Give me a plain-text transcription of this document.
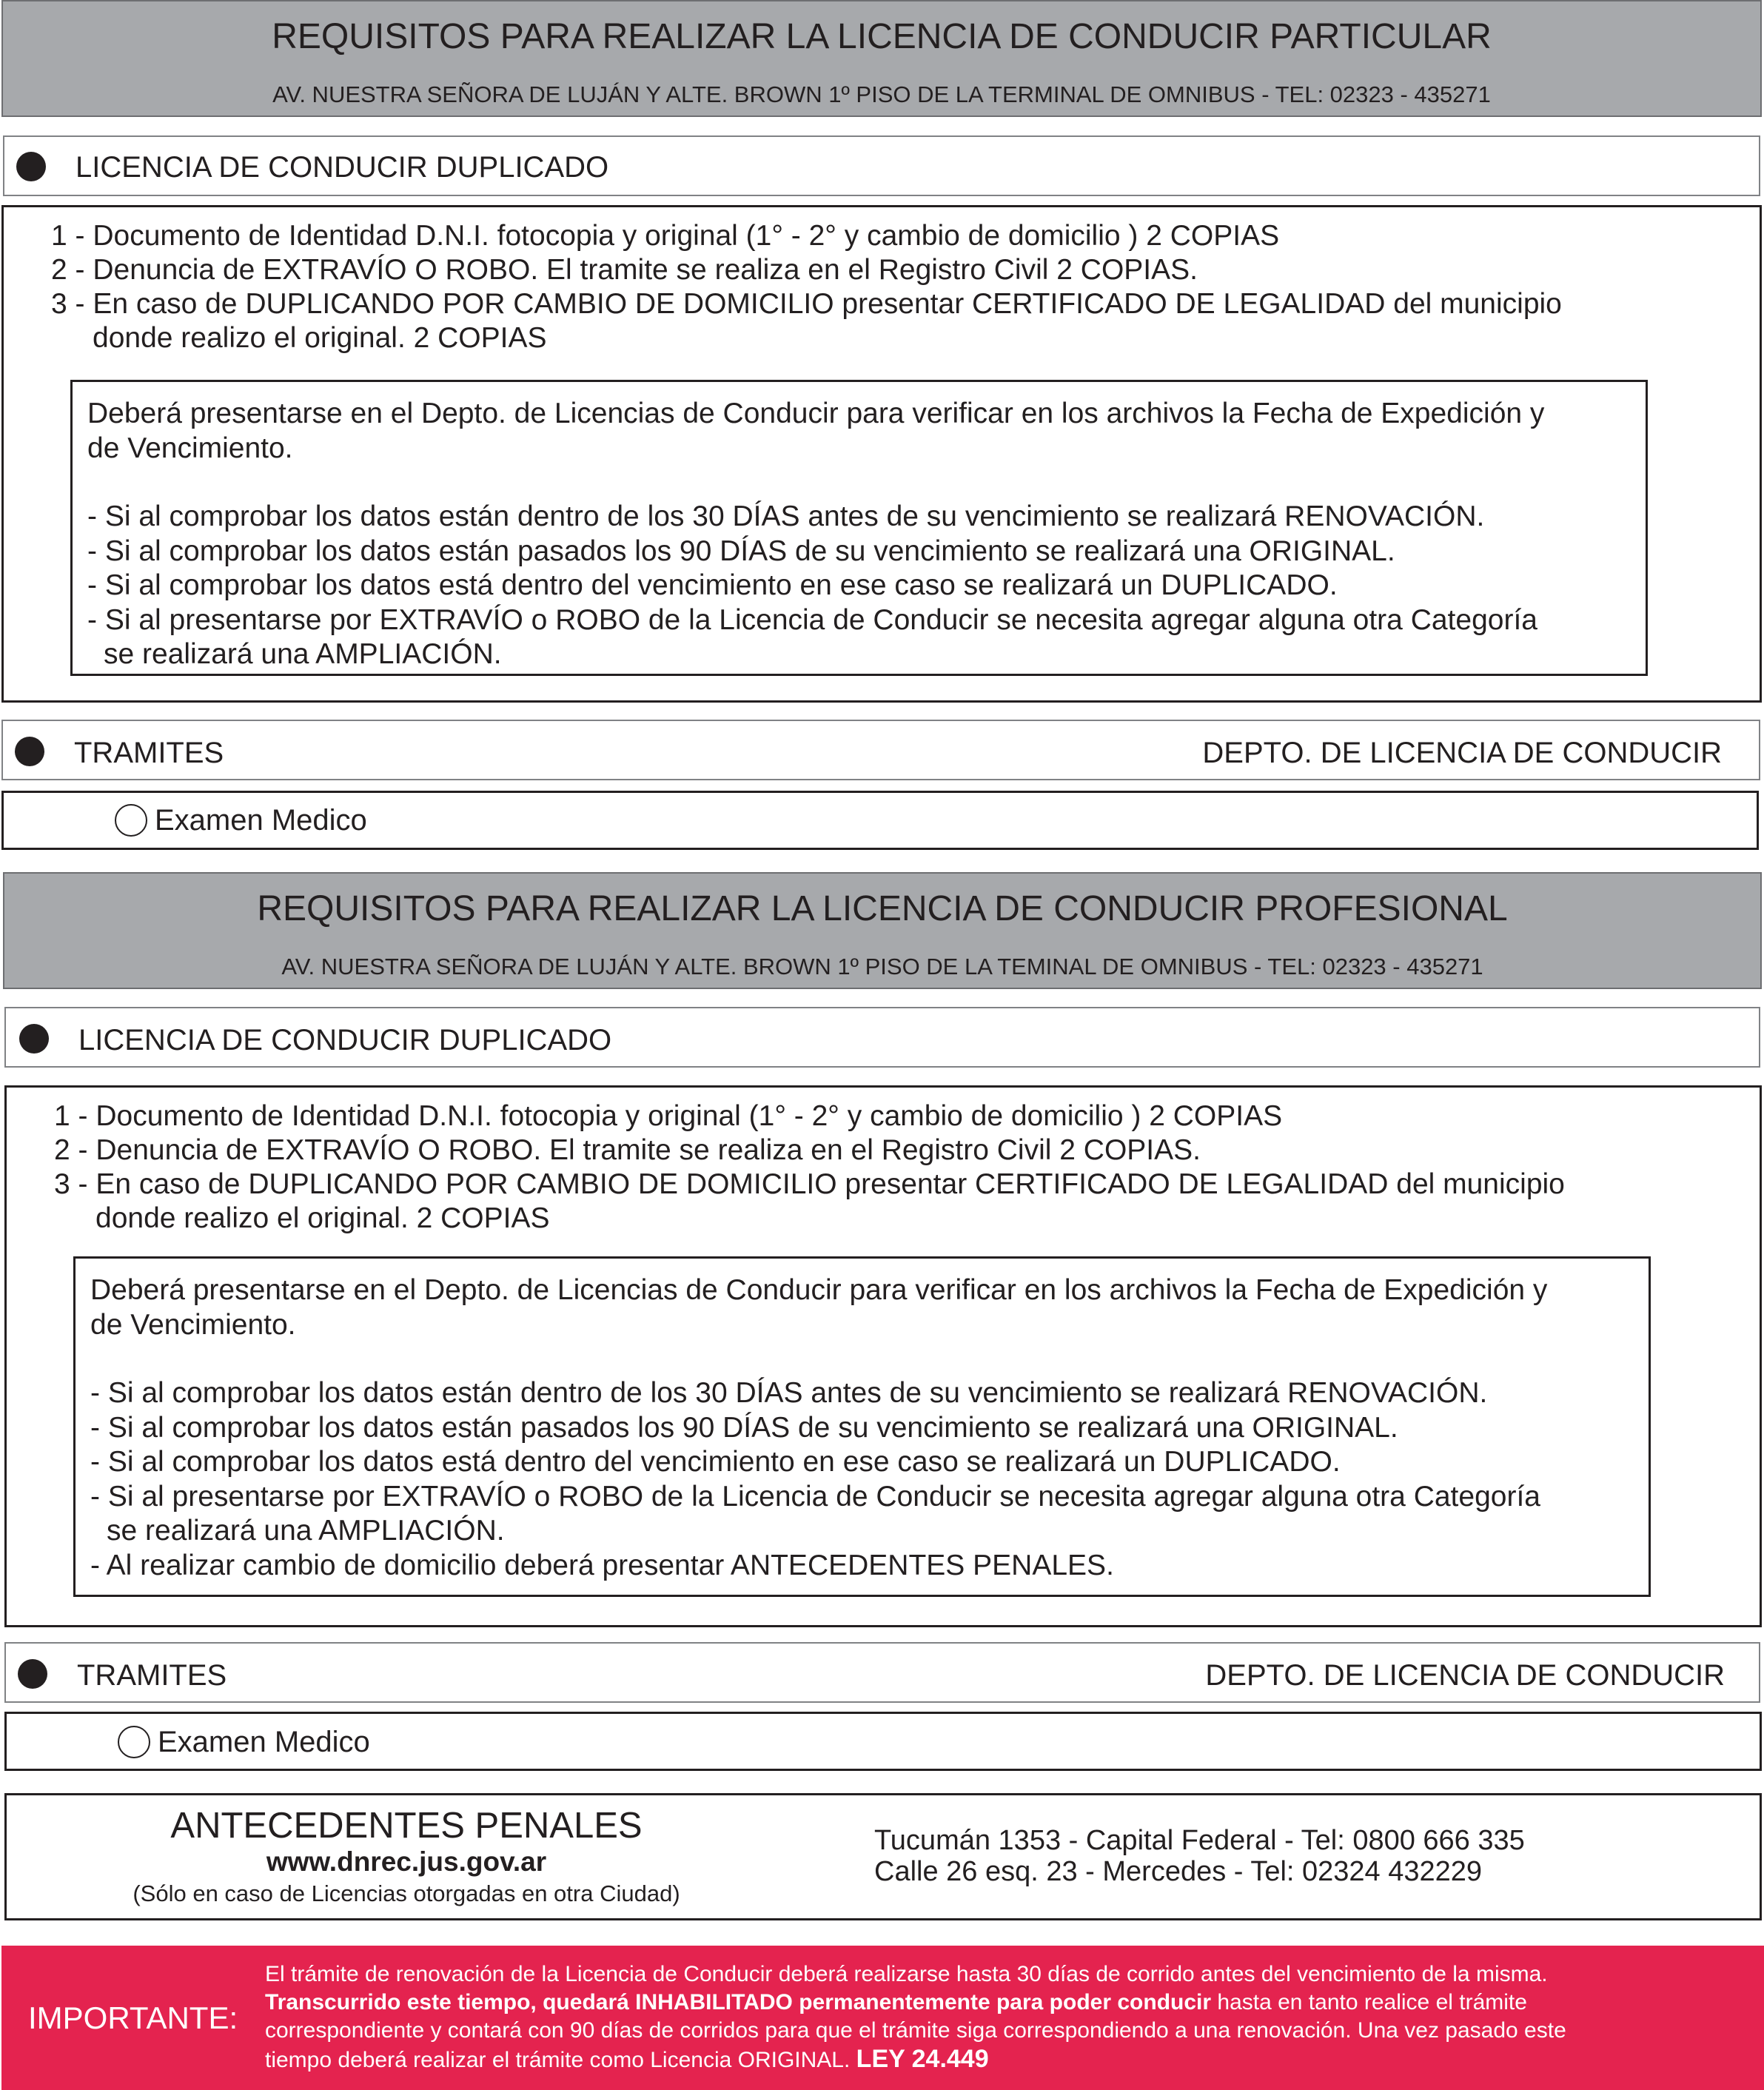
REQUISITOS PARA REALIZAR LA LICENCIA DE CONDUCIR PARTICULAR
AV. NUESTRA SEÑORA DE LUJÁN Y ALTE. BROWN 1º PISO DE LA TERMINAL DE OMNIBUS - TEL: 02323 - 435271
LICENCIA DE CONDUCIR DUPLICADO
1 - Documento de Identidad D.N.I. fotocopia y original (1° - 2° y cambio de domicilio ) 2 COPIAS
2 - Denuncia de EXTRAVÍO O ROBO. El tramite se realiza en el Registro Civil 2 COPIAS.
3 - En caso de DUPLICANDO POR CAMBIO DE DOMICILIO presentar CERTIFICADO DE LEGALIDAD del municipio
donde realizo el original. 2 COPIAS
Deberá presentarse en el Depto. de Licencias de Conducir para verificar en los archivos la Fecha de Expedición y
de Vencimiento.
- Si al comprobar los datos están dentro de los 30 DÍAS antes de su vencimiento se realizará RENOVACIÓN.
- Si al comprobar los datos están pasados los 90 DÍAS de su vencimiento se realizará una ORIGINAL.
- Si al comprobar los datos está dentro del vencimiento en ese caso se realizará un DUPLICADO.
- Si al presentarse por EXTRAVÍO o ROBO de la Licencia de Conducir se necesita agregar alguna otra Categoría
se realizará una AMPLIACIÓN.
TRAMITES	DEPTO. DE LICENCIA DE CONDUCIR
Examen Medico
REQUISITOS PARA REALIZAR LA LICENCIA DE CONDUCIR PROFESIONAL
AV. NUESTRA SEÑORA DE LUJÁN Y ALTE. BROWN 1º PISO DE LA TEMINAL DE OMNIBUS - TEL: 02323 - 435271
LICENCIA DE CONDUCIR DUPLICADO
1 - Documento de Identidad D.N.I. fotocopia y original (1° - 2° y cambio de domicilio ) 2 COPIAS
2 - Denuncia de EXTRAVÍO O ROBO. El tramite se realiza en el Registro Civil 2 COPIAS.
3 - En caso de DUPLICANDO POR CAMBIO DE DOMICILIO presentar CERTIFICADO DE LEGALIDAD del municipio
donde realizo el original. 2 COPIAS
Deberá presentarse en el Depto. de Licencias de Conducir para verificar en los archivos la Fecha de Expedición y
de Vencimiento.
- Si al comprobar los datos están dentro de los 30 DÍAS antes de su vencimiento se realizará RENOVACIÓN.
- Si al comprobar los datos están pasados los 90 DÍAS de su vencimiento se realizará una ORIGINAL.
- Si al comprobar los datos está dentro del vencimiento en ese caso se realizará un DUPLICADO.
- Si al presentarse por EXTRAVÍO o ROBO de la Licencia de Conducir se necesita agregar alguna otra Categoría
se realizará una AMPLIACIÓN.
- Al realizar cambio de domicilio deberá presentar ANTECEDENTES PENALES.
TRAMITES	DEPTO. DE LICENCIA DE CONDUCIR
Examen Medico
ANTECEDENTES PENALES
www.dnrec.jus.gov.ar
(Sólo en caso de Licencias otorgadas en otra Ciudad)
Tucumán 1353 - Capital Federal - Tel: 0800 666 335
Calle 26 esq. 23 - Mercedes - Tel: 02324 432229
IMPORTANTE:
El trámite de renovación de la Licencia de Conducir deberá realizarse hasta 30 días de corrido antes del vencimiento de la misma.
Transcurrido este tiempo, quedará INHABILITADO permanentemente para poder conducir hasta en tanto realice el trámite
correspondiente y contará con 90 días de corridos para que el trámite siga correspondiendo a una renovación. Una vez pasado este
tiempo deberá realizar el trámite como Licencia ORIGINAL. LEY 24.449
